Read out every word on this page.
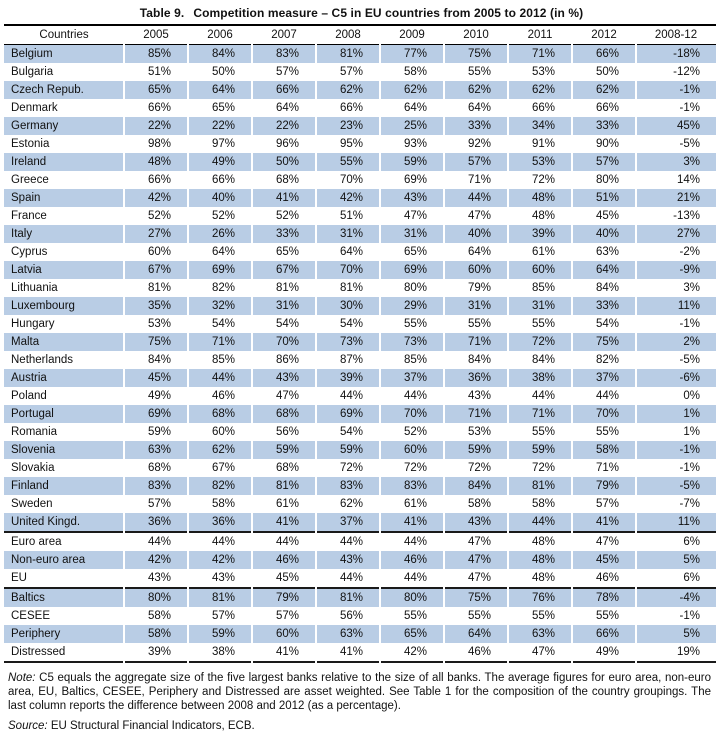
Table 9. Competition measure – C5 in EU countries from 2005 to 2012 (in %)
Countries	2005	2006	2007	2008	2009	2010	2011	2012	2008-12
Belgium	85%	84%	83%	81%	77%	75%	71%	66%	-18%
Bulgaria	51%	50%	57%	57%	58%	55%	53%	50%	-12%
Czech Repub.	65%	64%	66%	62%	62%	62%	62%	62%	-1%
Denmark	66%	65%	64%	66%	64%	64%	66%	66%	-1%
Germany	22%	22%	22%	23%	25%	33%	34%	33%	45%
Estonia	98%	97%	96%	95%	93%	92%	91%	90%	-5%
Ireland	48%	49%	50%	55%	59%	57%	53%	57%	3%
Greece	66%	66%	68%	70%	69%	71%	72%	80%	14%
Spain	42%	40%	41%	42%	43%	44%	48%	51%	21%
France	52%	52%	52%	51%	47%	47%	48%	45%	-13%
Italy	27%	26%	33%	31%	31%	40%	39%	40%	27%
Cyprus	60%	64%	65%	64%	65%	64%	61%	63%	-2%
Latvia	67%	69%	67%	70%	69%	60%	60%	64%	-9%
Lithuania	81%	82%	81%	81%	80%	79%	85%	84%	3%
Luxembourg	35%	32%	31%	30%	29%	31%	31%	33%	11%
Hungary	53%	54%	54%	54%	55%	55%	55%	54%	-1%
Malta	75%	71%	70%	73%	73%	71%	72%	75%	2%
Netherlands	84%	85%	86%	87%	85%	84%	84%	82%	-5%
Austria	45%	44%	43%	39%	37%	36%	38%	37%	-6%
Poland	49%	46%	47%	44%	44%	43%	44%	44%	0%
Portugal	69%	68%	68%	69%	70%	71%	71%	70%	1%
Romania	59%	60%	56%	54%	52%	53%	55%	55%	1%
Slovenia	63%	62%	59%	59%	60%	59%	59%	58%	-1%
Slovakia	68%	67%	68%	72%	72%	72%	72%	71%	-1%
Finland	83%	82%	81%	83%	83%	84%	81%	79%	-5%
Sweden	57%	58%	61%	62%	61%	58%	58%	57%	-7%
United Kingd.	36%	36%	41%	37%	41%	43%	44%	41%	11%
Euro area	44%	44%	44%	44%	44%	47%	48%	47%	6%
Non-euro area	42%	42%	46%	43%	46%	47%	48%	45%	5%
EU	43%	43%	45%	44%	44%	47%	48%	46%	6%
Baltics	80%	81%	79%	81%	80%	75%	76%	78%	-4%
CESEE	58%	57%	57%	56%	55%	55%	55%	55%	-1%
Periphery	58%	59%	60%	63%	65%	64%	63%	66%	5%
Distressed	39%	38%	41%	41%	42%	46%	47%	49%	19%

Note: C5 equals the aggregate size of the five largest banks relative to the size of all banks. The average figures for euro area, non-euro area, EU, Baltics, CESEE, Periphery and Distressed are asset weighted. See Table 1 for the composition of the country groupings. The last column reports the difference between 2008 and 2012 (as a percentage).

Source: EU Structural Financial Indicators, ECB.
